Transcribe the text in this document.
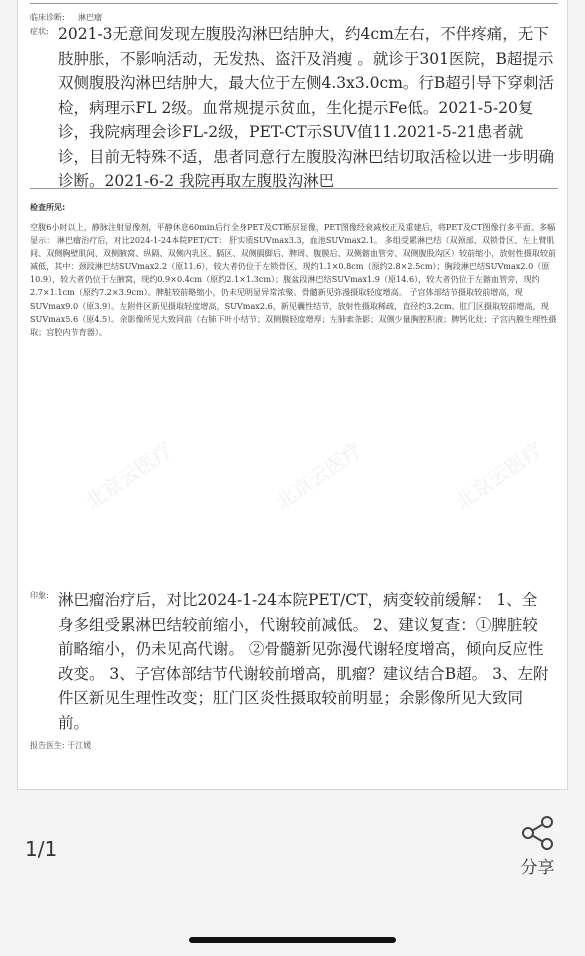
临床诊断: 淋巴瘤
症状: 2021-3无意间发现左腹股沟淋巴结肿大，约4cm左右，不伴疼痛，无下肢肿胀，不影响活动，无发热、盗汗及消瘦 。就诊于301医院，B超提示双侧腹股沟淋巴结肿大，最大位于左侧4.3x3.0cm。行B超引导下穿刺活检，病理示FL 2级。血常规提示贫血，生化提示Fe低。2021-5-20复诊，我院病理会诊FL-2级，PET-CT示SUV值11.2021-5-21患者就诊，目前无特殊不适，患者同意行左腹股沟淋巴结切取活检以进一步明确诊断。2021-6-2 我院再取左腹股沟淋巴
检查所见:
空腹6小时以上，静脉注射显像剂，平静休息60min后行全身PET及CT断层显像，PET图像经衰减校正及重建后，将PET及CT图像行多平面、多幅显示： 淋巴瘤治疗后，对比2024-1-24本院PET/CT： 肝实质SUVmax3.3，血池SUVmax2.1。 多组受累淋巴结（双颈部、双锁骨区、左上臂肌间、双侧胸壁肌间、双侧腋窝、纵隔、双侧内乳区、膈区、双侧膈脚后、脾周、腹膜后、双侧髂血管旁、双侧腹股沟区）较前缩小，放射性摄取较前减低，其中：颈段淋巴结SUVmax2.2（原11.6），较大者仍位于左锁骨区，现约1.1×0.8cm（原约2.8×2.5cm）；胸段淋巴结SUVmax2.0（原10.9），较大者仍位于左腋窝，现约0.9×0.4cm（原约2.1×1.3cm）；腹盆段淋巴结SUVmax1.9（原14.6），较大者仍位于左髂血管旁，现约2.7×1.1cm（原约7.2×3.9cm）。脾脏较前略缩小，仍未见明显异常浓聚。骨髓新见弥漫摄取轻度增高。 子宫体部结节摄取较前增高，现SUVmax9.0（原3.9）。左附件区新见摄取轻度增高，SUVmax2.6，新见囊性结节，放射性摄取稀疏，直径约3.2cm。肛门区摄取较前增高，现SUVmax5.6（原4.5）。余影像所见大致同前（右肺下叶小结节；双侧膜轻度增厚；左肺索条影；双侧少量胸腔积液；脾钙化灶；子宫内膜生理性摄取；宫腔内节育器）。
印象: 淋巴瘤治疗后，对比2024-1-24本院PET/CT，病变较前缓解： 1、全身多组受累淋巴结较前缩小，代谢较前减低。 2、建议复查：①脾脏较前略缩小，仍未见高代谢。 ②骨髓新见弥漫代谢轻度增高，倾向反应性改变。 3、子宫体部结节代谢较前增高，肌瘤？建议结合B超。 3、左附件区新见生理性改变；肛门区炎性摄取较前明显；余影像所见大致同前。
报告医生: 于江媛
1/1
分享
